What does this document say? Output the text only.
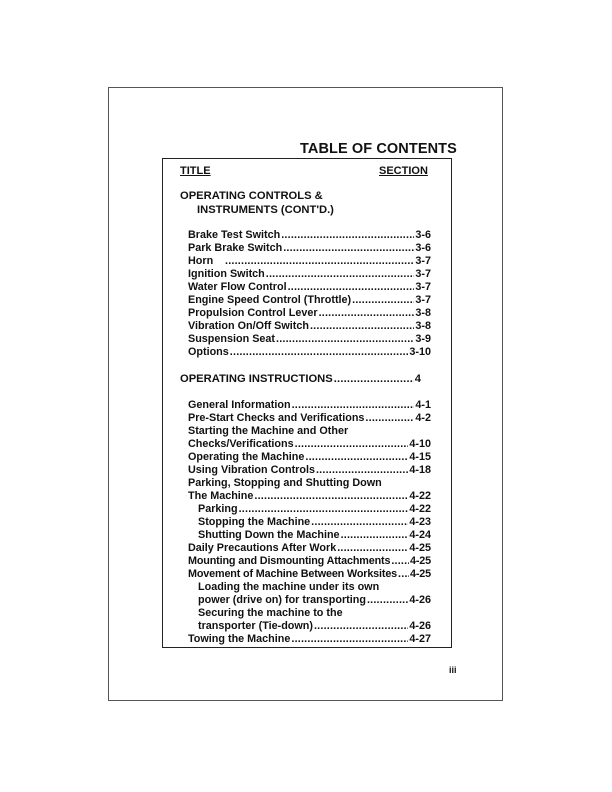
TABLE OF CONTENTS
TITLE	SECTION
OPERATING CONTROLS &
INSTRUMENTS (CONT'D.)
Brake Test Switch .....	3-6
Park Brake Switch .....	3-6
Horn .....	3-7
Ignition Switch .....	3-7
Water Flow Control .....	3-7
Engine Speed Control (Throttle) .....	3-7
Propulsion Control Lever .....	3-8
Vibration On/Off Switch .....	3-8
Suspension Seat .....	3-9
Options .....	3-10
OPERATING INSTRUCTIONS .....	4
General Information .....	4-1
Pre-Start Checks and Verifications .....	4-2
Starting the Machine and Other
Checks/Verifications .....	4-10
Operating the Machine .....	4-15
Using Vibration Controls .....	4-18
Parking, Stopping and Shutting Down
The Machine .....	4-22
Parking .....	4-22
Stopping the Machine .....	4-23
Shutting Down the Machine .....	4-24
Daily Precautions After Work .....	4-25
Mounting and Dismounting Attachments ..... 4-25
Movement of Machine Between Worksites ..... 4-25
Loading the machine under its own
power (drive on) for transporting .....	4-26
Securing the machine to the
transporter (Tie-down) .....	4-26
Towing the Machine .....	4-27
iii
